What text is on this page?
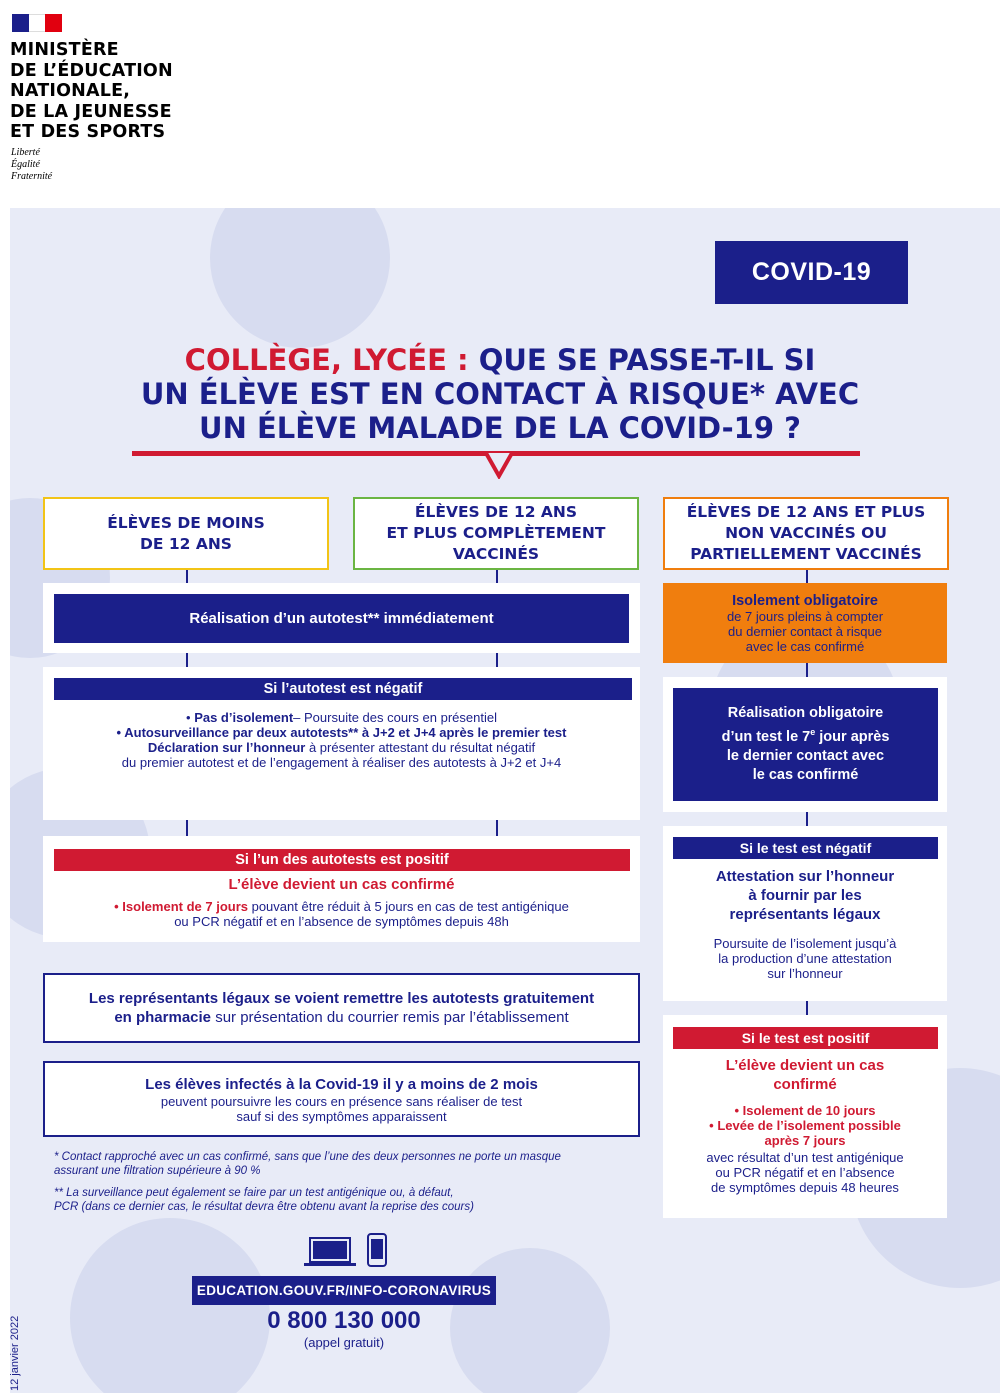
MINISTÈRE
DE L’ÉDUCATION
NATIONALE,
DE LA JEUNESSE
ET DES SPORTS
Liberté
Égalité
Fraternité
COVID-19
COLLÈGE, LYCÉE : QUE SE PASSE-T-IL SI
UN ÉLÈVE EST EN CONTACT À RISQUE* AVEC
UN ÉLÈVE MALADE DE LA COVID-19 ?
ÉLÈVES DE MOINS
DE 12 ANS
ÉLÈVES DE 12 ANS
ET PLUS COMPLÈTEMENT
VACCINÉS
ÉLÈVES DE 12 ANS ET PLUS
NON VACCINÉS OU
PARTIELLEMENT VACCINÉS
Réalisation d’un autotest** immédiatement
Si l’autotest est négatif
• Pas d’isolement– Poursuite des cours en présentiel
• Autosurveillance par deux autotests** à J+2 et J+4 après le premier test
Déclaration sur l’honneur à présenter attestant du résultat négatif
du premier autotest et de l’engagement à réaliser des autotests à J+2 et J+4
Si l’un des autotests est positif
L’élève devient un cas confirmé
• Isolement de 7 jours pouvant être réduit à 5 jours en cas de test antigénique
ou PCR négatif et en l’absence de symptômes depuis 48h
Les représentants légaux se voient remettre les autotests gratuitement
en pharmacie sur présentation du courrier remis par l’établissement
Les élèves infectés à la Covid-19 il y a moins de 2 mois
peuvent poursuivre les cours en présence sans réaliser de test
sauf si des symptômes apparaissent
* Contact rapproché avec un cas confirmé, sans que l’une des deux personnes ne porte un masque
assurant une filtration supérieure à 90 %
** La surveillance peut également se faire par un test antigénique ou, à défaut,
PCR (dans ce dernier cas, le résultat devra être obtenu avant la reprise des cours)
Isolement obligatoire
de 7 jours pleins à compter
du dernier contact à risque
avec le cas confirmé
Réalisation obligatoire
d’un test le 7e jour après
le dernier contact avec
le cas confirmé
Si le test est négatif
Attestation sur l’honneur
à fournir par les
représentants légaux
Poursuite de l’isolement jusqu’à
la production d’une attestation
sur l’honneur
Si le test est positif
L’élève devient un cas
confirmé
• Isolement de 10 jours
• Levée de l’isolement possible
après 7 jours
avec résultat d’un test antigénique
ou PCR négatif et en l’absence
de symptômes depuis 48 heures
EDUCATION.GOUV.FR/INFO-CORONAVIRUS
0 800 130 000
(appel gratuit)
12 janvier 2022
